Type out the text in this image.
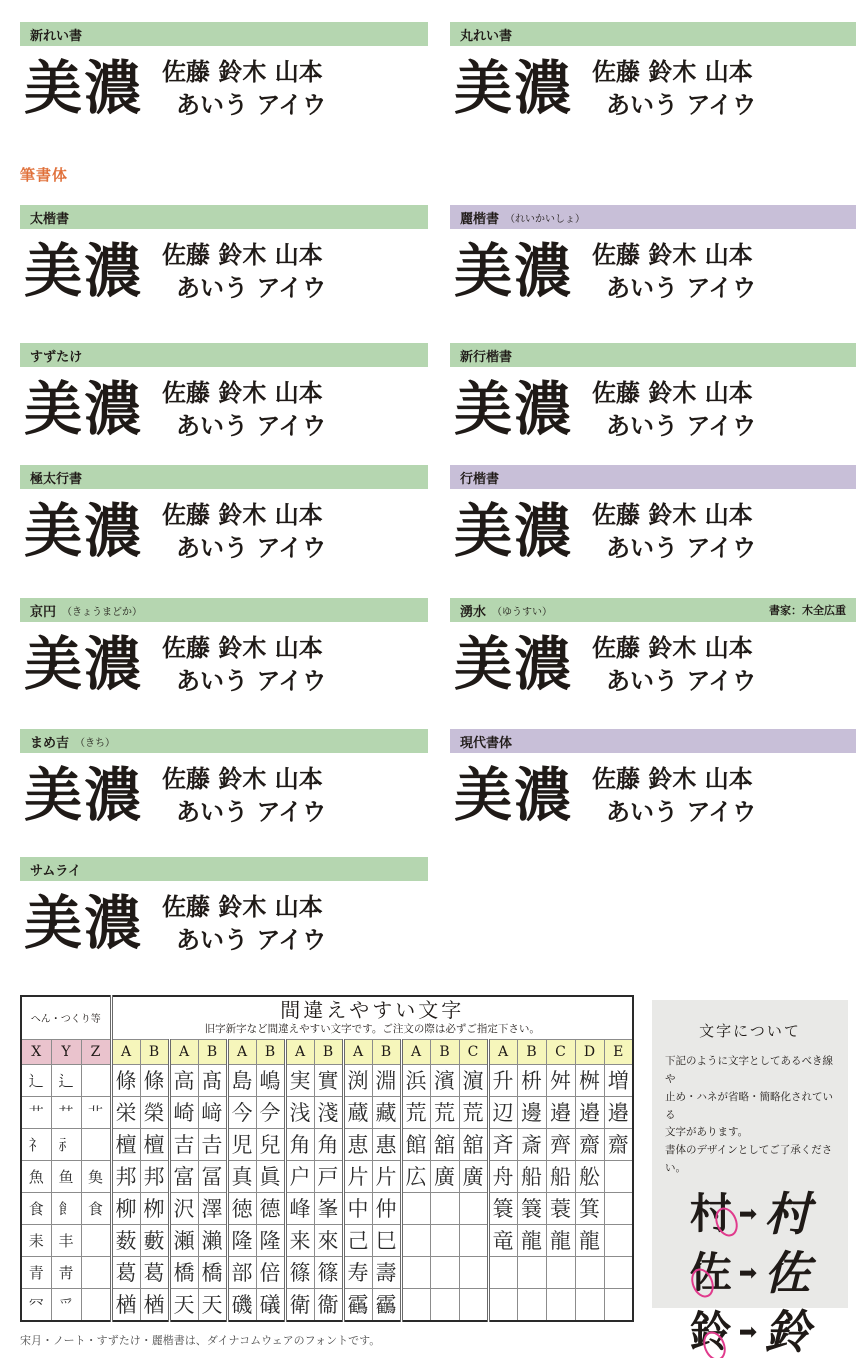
新れい書
美濃 佐藤 鈴木 山本
あいう アイウ
丸れい書
美濃 佐藤 鈴木 山本
あいう アイウ
太楷書
美濃 佐藤 鈴木 山本
あいう アイウ
麗楷書 （れいかいしょ）
美濃 佐藤 鈴木 山本
あいう アイウ
すずたけ
美濃 佐藤 鈴木 山本
あいう アイウ
新行楷書
美濃 佐藤 鈴木 山本
あいう アイウ
極太行書
美濃 佐藤 鈴木 山本
あいう アイウ
行楷書
美濃 佐藤 鈴木 山本
あいう アイウ
京円 （きょうまどか）
美濃 佐藤 鈴木 山本
あいう アイウ
湧水 （ゆうすい）	書家：木全広重
美濃 佐藤 鈴木 山本
あいう アイウ
まめ吉 （きち）
美濃 佐藤 鈴木 山本
あいう アイウ
現代書体
美濃 佐藤 鈴木 山本
あいう アイウ
サムライ
美濃 佐藤 鈴木 山本
あいう アイウ
筆書体
へん・つくり等			間違えやすい文字
旧字新字など間違えやすい文字です。ご注文の際は必ずご指定下さい。																	

X	Y	Z	A	B	A	B	A	B	A	B	A	B	A	B	C	A	B	C	D	E
辶	⻍		條	條	高	髙	島	嶋	実	實	渕	淵	浜	濱	濵	升	枡	舛	桝	増
艹	⺿	⻀	栄	榮	崎	﨑	今	𫝆	浅	淺	蔵	藏	荒	荒	荒	辺	邊	邉	邉	邉
礻	⺬		檀	檀	吉	𠮷	児	兒	角	角	恵	惠	館	舘	舘	斉	斎	齊	齋	齋
魚	鱼	𩵋	邦	邦	富	冨	真	眞	户	戸	片	片	広	廣	廣	舟	船	船	舩	
食	飠	⻝	柳	栁	沢	澤	徳	德	峰	峯	中	仲				簑	簔	蓑	箕	
耒	丰		薮	藪	瀬	瀨	隆	隆	来	來	己	巳				竜	龍	龍	龍	
青	靑		葛	葛	橋	橋	部	倍	篠	篠	寿	壽								
㓁	爫		楢	楢	天	天	磯	礒	衛	衞	靍	靏								
文字について
下記のように文字としてあるべき線や
止め・ハネが省略・簡略化されている
文字があります。
書体のデザインとしてご了承ください。
村 ➡ 村
佐 ➡ 佐
鈴 ➡ 鈴
宋月・ノート・すずたけ・麗楷書は、ダイナコムウェアのフォントです。
